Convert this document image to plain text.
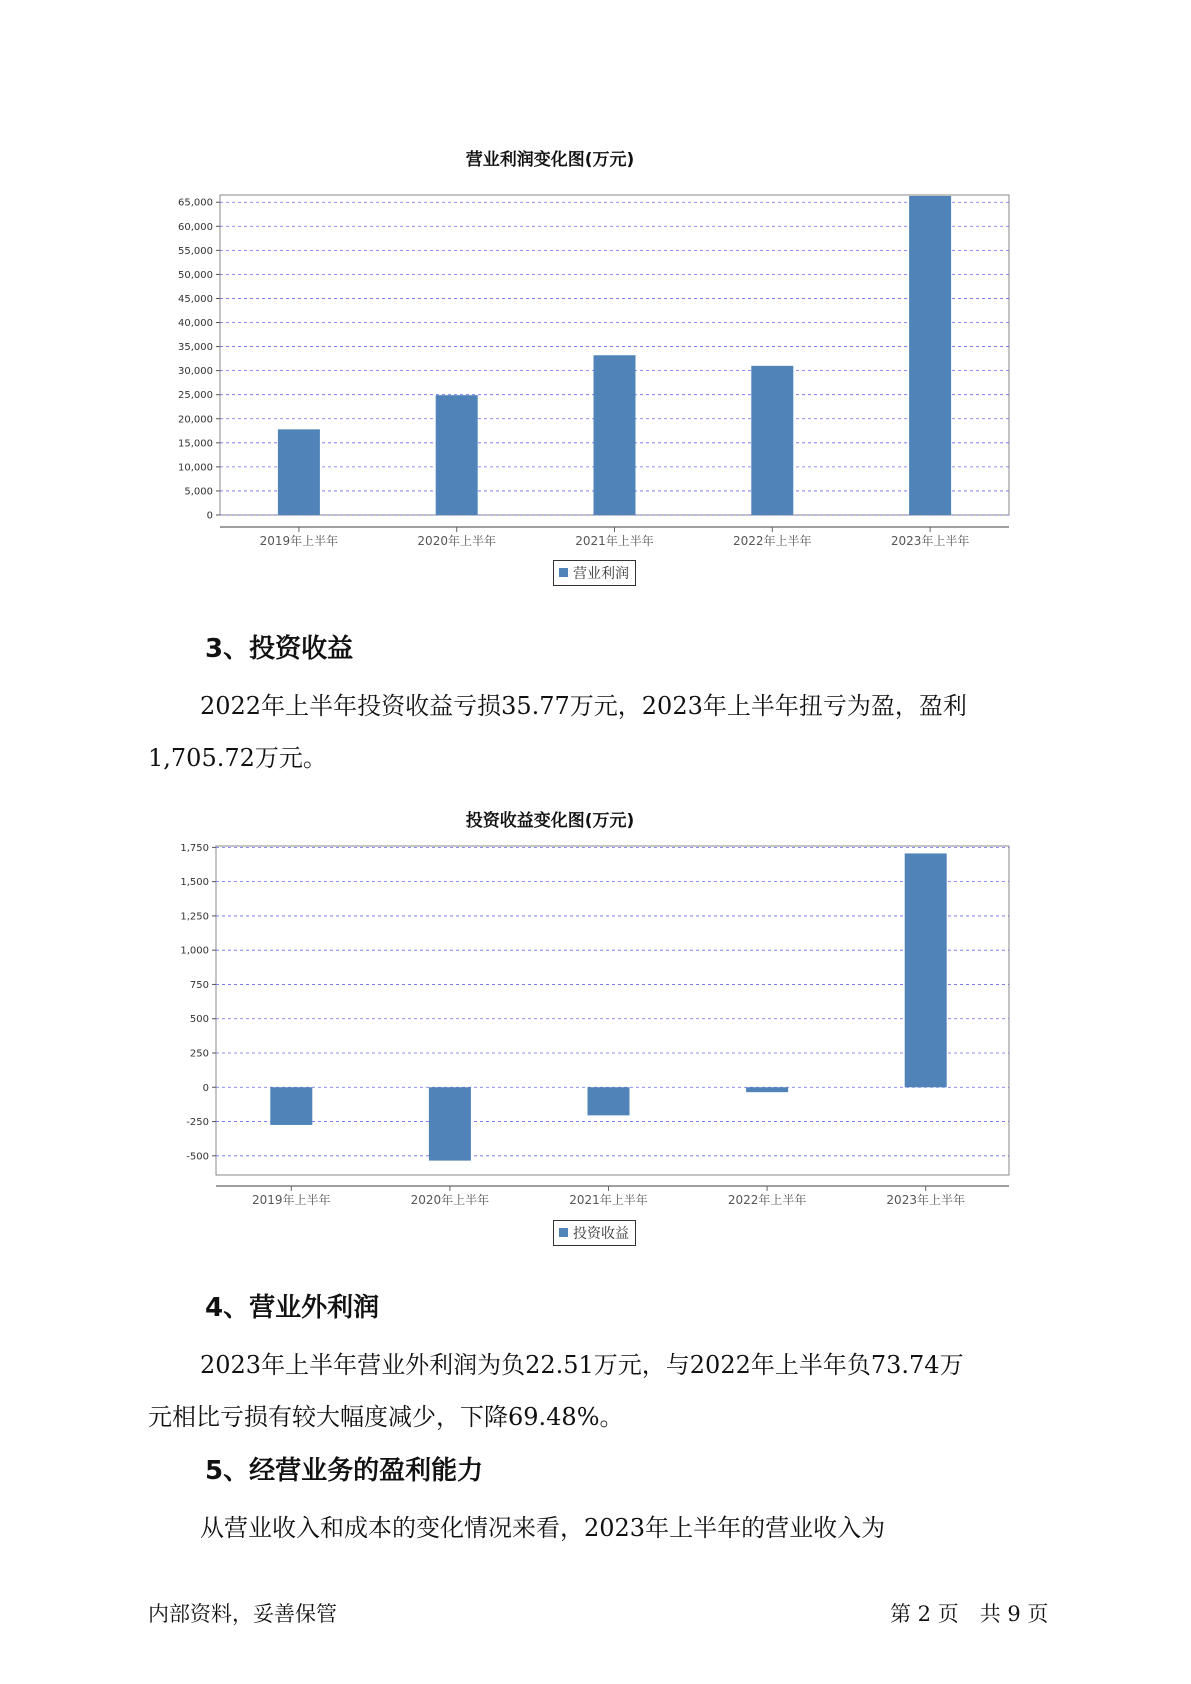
营业利润变化图(万元)
0
5,000
10,000
15,000
20,000
25,000
30,000
35,000
40,000
45,000
50,000
55,000
60,000
65,000
2019年上半年	2020年上半年	2021年上半年	2022年上半年	2023年上半年
营业利润
3、投资收益
2022年上半年投资收益亏损35.77万元，2023年上半年扭亏为盈，盈利
1,705.72万元。
投资收益变化图(万元)
-500
-250
0
250
500
750
1,000
1,250
1,500
1,750
2019年上半年	2020年上半年	2021年上半年	2022年上半年	2023年上半年
投资收益
4、营业外利润
2023年上半年营业外利润为负22.51万元，与2022年上半年负73.74万
元相比亏损有较大幅度减少，下降69.48%。
5、经营业务的盈利能力
从营业收入和成本的变化情况来看，2023年上半年的营业收入为
内部资料，妥善保管	第 2 页　共 9 页
